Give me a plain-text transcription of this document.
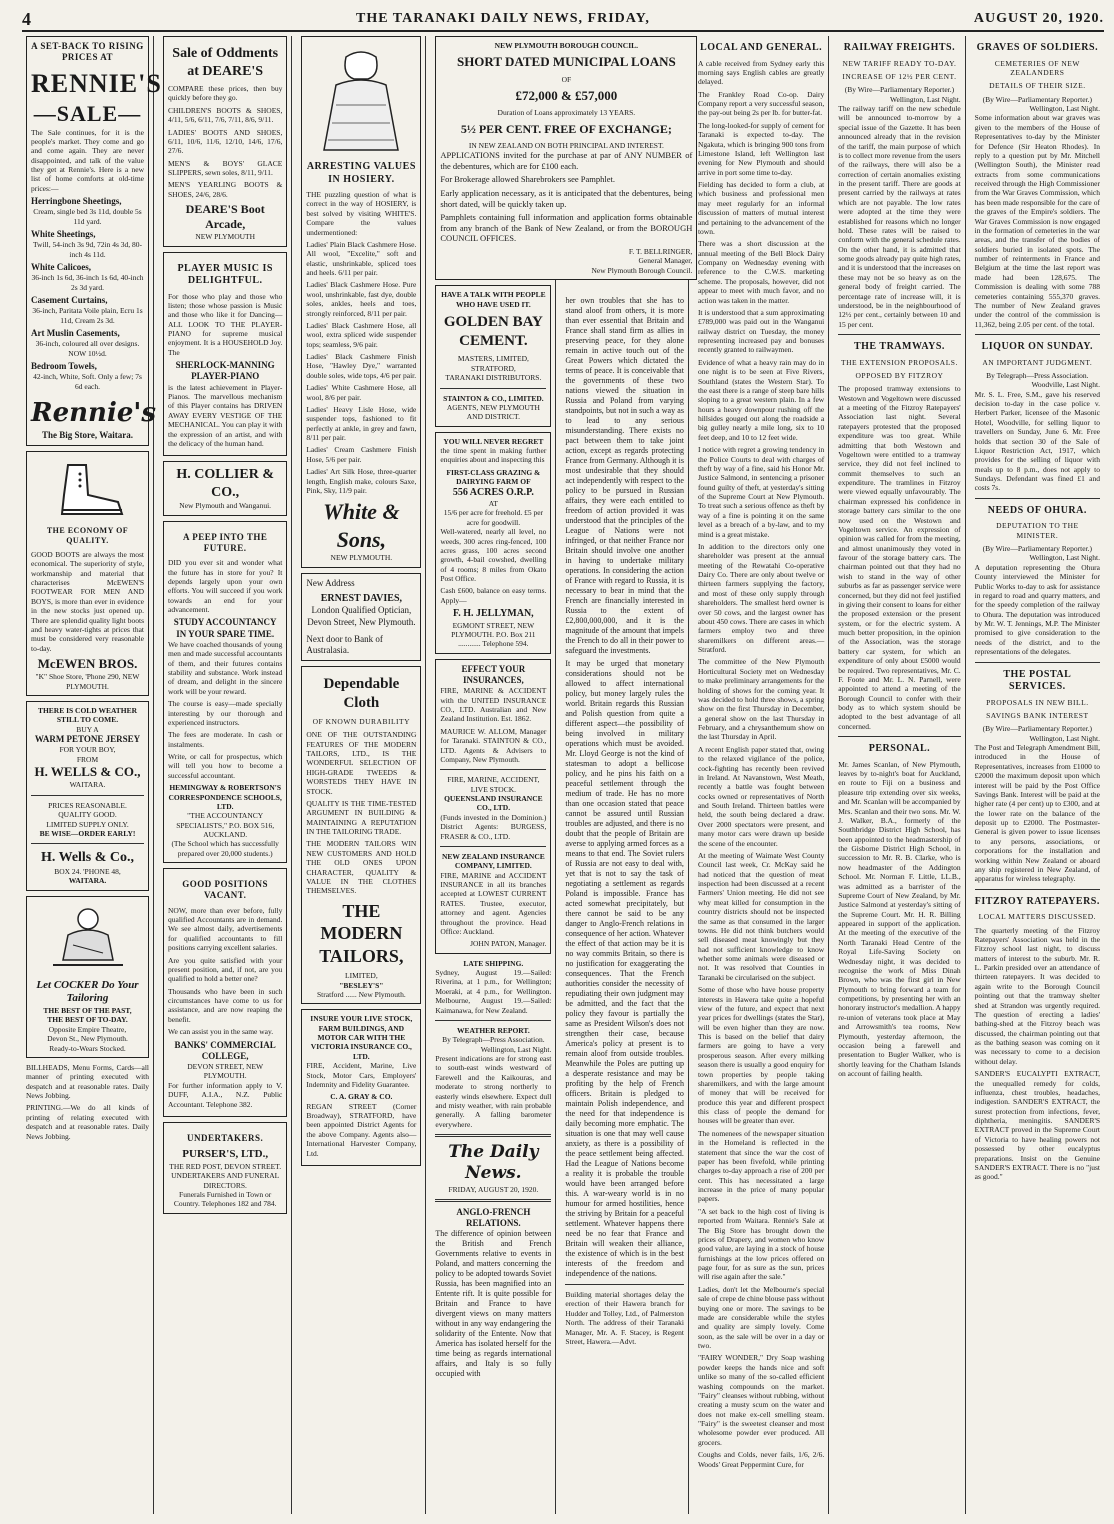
4	THE TARANAKI DAILY NEWS, FRIDAY,	AUGUST 20, 1920.
A SET-BACK TO RISING PRICES AT
RENNIE'S
—SALE—

The Sale continues, for it is the people's market. They come and go and come again. They are never disappointed, and talk of the value they get at Rennie's. Here is a new list of home comforts at old-time prices:—

Herringbone Sheetings,
Cream, single bed 3s 11d, double 5s 11d yard.
White Sheetings,
Twill, 54-inch 3s 9d, 72in 4s 3d, 80-inch 4s 11d.
White Calicoes,
36-inch 1s 6d, 36-inch 1s 6d, 40-inch 2s 3d yard.
Casement Curtains,
36-inch, Paritata Voile plain, Ecru 1s 11d, Cream 2s 3d.
Art Muslin Casements,
36-inch, coloured all over designs. NOW 10½d.
Bedroom Towels,
42-inch, White, Soft. Only a few; 7s 6d each.
Rennie's
The Big Store, Waitara.
THE ECONOMY OF QUALITY.

GOOD BOOTS are always the most economical. The superiority of style, workmanship and material that characterises McEWEN'S FOOTWEAR FOR MEN AND BOYS, is more than ever in evidence in the new stocks just opened up. There are splendid quality light boots and heavy water-tights at prices that must be considered very reasonable to-day.

McEWEN BROS.
"K" Shoe Store, 'Phone 290, NEW PLYMOUTH.
THERE IS COLD WEATHER STILL TO COME.
BUY A
WARM PETONE JERSEY
FOR YOUR BOY,
FROM
H. WELLS & CO.,
WAITARA.
PRICES REASONABLE.
QUALITY GOOD.
LIMITED SUPPLY ONLY.
BE WISE—ORDER EARLY!
H. Wells & Co.,
BOX 24. 'PHONE 48,
WAITARA.
Let COCKER Do Your Tailoring
THE BEST OF THE PAST,
THE BEST OF TO-DAY.
Opposite Empire Theatre,
Devon St., New Plymouth.
Ready-to-Wears Stocked.

BILLHEADS, Menu Forms, Cards—all manner of printing executed with despatch and at reasonable rates. Daily News Jobbing.

PRINTING.—We do all kinds of printing of relating executed with despatch and at reasonable rates. Daily News Jobbing.

Sale of Oddments at DEARE'S

COMPARE these prices, then buy quickly before they go.

CHILDREN'S BOOTS & SHOES, 4/11, 5/6, 6/11, 7/6, 7/11, 8/6, 9/11.

LADIES' BOOTS AND SHOES, 6/11, 10/6, 11/6, 12/10, 14/6, 17/6, 27/6.

MEN'S & BOYS' GLACE SLIPPERS, sewn soles, 8/11, 9/11.

MEN'S YEARLING BOOTS & SHOES, 24/6, 28/6.

DEARE'S Boot Arcade,
NEW PLYMOUTH
PLAYER MUSIC IS DELIGHTFUL.

For those who play and those who listen; those whose passion is Music and those who like it for Dancing—ALL LOOK TO THE PLAYER-PIANO for supreme musical enjoyment. It is a HOUSEHOLD Joy. The

SHERLOCK-MANNING PLAYER-PIANO

is the latest achievement in Player-Pianos. The marvellous mechanism of this Player contains has DRIVEN AWAY EVERY VESTIGE OF THE MECHANICAL. You can play it with the expression of an artist, and with the delicacy of the human hand.

H. COLLIER & CO.,
New Plymouth and Wanganui.
A PEEP INTO THE FUTURE.

DID you ever sit and wonder what the future has in store for you? It depends largely upon your own efforts. You will succeed if you work towards an end for your advancement.

STUDY ACCOUNTANCY IN YOUR SPARE TIME.

We have coached thousands of young men and made successful accountants of them, and their futures contains stability and substance. Work instead of dream, and delight in the sincere work will be your reward.

The course is easy—made specially interesting by our thorough and experienced instructors.

The fees are moderate. In cash or instalments.

Write, or call for prospectus, which will tell you how to become a successful accountant.

HEMINGWAY & ROBERTSON'S CORRESPONDENCE SCHOOLS, LTD.
"THE ACCOUNTANCY SPECIALISTS," P.O. BOX 516, AUCKLAND.
(The School which has successfully prepared over 20,000 students.)
GOOD POSITIONS VACANT.

NOW, more than ever before, fully qualified Accountants are in demand. We see almost daily, advertisements for qualified accountants to fill positions carrying excellent salaries.

Are you quite satisfied with your present position, and, if not, are you qualified to hold a better one?

Thousands who have been in such circumstances have come to us for assistance, and are now reaping the benefit.

We can assist you in the same way.

BANKS' COMMERCIAL COLLEGE,
DEVON STREET, NEW PLYMOUTH.

For further information apply to V. DUFF, A.I.A., N.Z. Public Accountant. Telephone 382.

UNDERTAKERS.
PURSER'S, LTD.,
THE RED POST, DEVON STREET.
UNDERTAKERS AND FUNERAL DIRECTORS.
Funerals Furnished in Town or Country. Telephones 182 and 784.
ARRESTING VALUES IN HOSIERY.

THE puzzling question of what is correct in the way of HOSIERY, is best solved by visiting WHITE'S. Compare the values undermentioned:

Ladies' Plain Black Cashmere Hose. All wool, "Excelite," soft and elastic, unshrinkable, spliced toes and heels. 6/11 per pair.

Ladies' Black Cashmere Hose. Pure wool, unshrinkable, fast dye, double soles, ankles, heels and toes, strongly reinforced, 8/11 per pair.

Ladies' Black Cashmere Hose, all wool, extra spliced wide suspender tops; seamless, 9/6 pair.

Ladies' Black Cashmere Finish Hose, "Hawley Dye," warranted double soles, wide tops, 4/6 per pair.

Ladies' White Cashmere Hose, all wool, 8/6 per pair.

Ladies' Heavy Lisle Hose, wide suspender tops, fashioned to fit perfectly at ankle, in grey and fawn, 8/11 per pair.

Ladies' Cream Cashmere Finish Hose, 5/6 per pair.

Ladies' Art Silk Hose, three-quarter length, English make, colours Saxe, Pink, Sky, 11/9 pair.

White & Sons,
NEW PLYMOUTH.
New Address
ERNEST DAVIES,
London Qualified Optician,
Devon Street, New Plymouth.
Next door to Bank of Australasia.
Dependable Cloth
OF KNOWN DURABILITY

ONE OF THE OUTSTANDING FEATURES OF THE MODERN TAILORS, LTD., IS THE WONDERFUL SELECTION OF HIGH-GRADE TWEEDS & WORSTEDS THEY HAVE IN STOCK.

QUALITY IS THE TIME-TESTED ARGUMENT IN BUILDING & MAINTAINING A REPUTATION IN THE TAILORING TRADE.

THE MODERN TAILORS WIN NEW CUSTOMERS AND HOLD THE OLD ONES UPON CHARACTER, QUALITY & VALUE IN THE CLOTHES THEMSELVES.

THE MODERN TAILORS,
LIMITED,
"BESLEY'S"
Stratford ...... New Plymouth.
INSURE YOUR LIVE STOCK, FARM BUILDINGS, AND MOTOR CAR WITH THE
VICTORIA INSURANCE CO., LTD.

FIRE, Accident, Marine, Live Stock, Motor Cars, Employers' Indemnity and Fidelity Guarantee.

C. A. GRAY & CO.

REGAN STREET (Corner Broadway), STRATFORD, have been appointed District Agents for the above Company. Agents also—International Harvester Company, Ltd.

NEW PLYMOUTH BOROUGH COUNCIL.
SHORT DATED MUNICIPAL LOANS
OF
£72,000 & £57,000
Duration of Loans approximately 13 YEARS.
5½ PER CENT. FREE OF EXCHANGE;
IN NEW ZEALAND ON BOTH PRINCIPAL AND INTEREST.

APPLICATIONS invited for the purchase at par of ANY NUMBER of the debentures, which are for £100 each.

For Brokerage allowed Sharebrokers see Pamphlet.

Early application necessary, as it is anticipated that the debentures, being short dated, will be quickly taken up.

Pamphlets containing full information and application forms obtainable from any branch of the Bank of New Zealand, or from the BOROUGH COUNCIL OFFICES.

F. T. BELLRINGER,
General Manager,
New Plymouth Borough Council.
HAVE A TALK WITH PEOPLE WHO HAVE USED IT.
GOLDEN BAY CEMENT.
MASTERS, LIMITED,
STRATFORD,
TARANAKI DISTRIBUTORS.
STAINTON & CO., LIMITED.
AGENTS, NEW PLYMOUTH AND DISTRICT.
YOU WILL NEVER REGRET

the time spent in making further enquiries about and inspecting this

FIRST-CLASS GRAZING & DAIRYING FARM OF
556 ACRES O.R.P.
AT
15/6 per acre for freehold. £5 per acre for goodwill.

Well-watered, nearly all level, no weeds, 300 acres ring-fenced, 100 acres grass, 100 acres second growth, 4-bail cowshed, dwelling of 4 rooms; 8 miles from Okato Post Office.

Cash £600, balance on easy terms. Apply—

F. H. JELLYMAN,
EGMONT STREET, NEW PLYMOUTH. P.O. Box 211 ............ Telephone 594.
EFFECT YOUR INSURANCES,

FIRE, MARINE & ACCIDENT with the UNITED INSURANCE CO., LTD. Australian and New Zealand Institution. Est. 1862.

MAURICE W. ALLOM, Manager for Taranaki. STAINTON & CO., LTD. Agents & Advisers to Company, New Plymouth.

FIRE, MARINE, ACCIDENT, LIVE STOCK.
QUEENSLAND INSURANCE CO., LTD.

(Funds invested in the Dominion.) District Agents: BURGESS, FRASER & CO., LTD.

NEW ZEALAND INSURANCE COMPANY, LIMITED.

FIRE, MARINE and ACCIDENT INSURANCE in all its branches accepted at LOWEST CURRENT RATES. Trustee, executor, attorney and agent. Agencies throughout the province. Head Office: Auckland.

JOHN PATON, Manager.
LATE SHIPPING.

Sydney, August 19.—Sailed: Riverina, at 1 p.m., for Wellington; Moeraki, at 4 p.m., for Wellington. Melbourne, August 19.—Sailed: Kaimanawa, for New Zealand.

WEATHER REPORT.
By Telegraph—Press Association.
Wellington, Last Night.

Present indications are for strong east to south-east winds westward of Farewell and the Kaikouras, and moderate to strong northerly to easterly winds elsewhere. Expect dull and misty weather, with rain probable generally. A falling barometer everywhere.

The Daily News.
FRIDAY, AUGUST 20, 1920.
ANGLO-FRENCH RELATIONS.

The difference of opinion between the British and French Governments relative to events in Poland, and matters concerning the policy to be adopted towards Soviet Russia, has been magnified into an Entente rift. It is quite possible for Britain and France to have divergent views on many matters without in any way endangering the solidarity of the Entente. Now that America has isolated herself for the time being as regards international affairs, and Italy is so fully occupied with

her own troubles that she has to stand aloof from others, it is more than ever essential that Britain and France shall stand firm as allies in preserving peace, for they alone remain in active touch out of the Great Powers which dictated the terms of peace. It is conceivable that the governments of these two nations viewed the situation in Russia and Poland from varying standpoints, but not in such a way as to lead to any serious misunderstanding. There exists no pact between them to take joint action, except as regards protecting France from Germany. Although it is most undesirable that they should act independently with respect to the policy to be pursued in Russian affairs, they were each entitled to freedom of action provided it was understood that the principles of the League of Nations were not infringed, or that neither France nor Britain should involve one another in having to undertake military operations. In considering the action of France with regard to Russia, it is necessary to bear in mind that the French are financially interested in Russia to the extent of £2,800,000,000, and it is the magnitude of the amount that impels the French to do all in their power to safeguard the investments.

It may be urged that monetary considerations should not be allowed to affect international policy, but money largely rules the world. Britain regards this Russian and Polish question from quite a different aspect—the possibility of being involved in military operations which must be avoided. Mr. Lloyd George is not the kind of statesman to adopt a bellicose policy, and he pins his faith on a peaceful settlement through the medium of trade. He has no more than one occasion stated that peace cannot be assured until Russian troubles are adjusted, and there is no doubt that the people of Britain are averse to applying armed forces as a means to that end. The Soviet rulers of Russia are not easy to deal with, yet that is not to say the task of negotiating a settlement as regards Poland is impossible. France has acted somewhat precipitately, but there cannot be said to be any danger to Anglo-French relations in consequence of her action. Whatever the effect of that action may be it is no way commits Britain, so there is no justification for exaggerating the consequences. That the French authorities consider the necessity of repudiating their own judgment may be admitted, and the fact that the policy they favour is partially the same as President Wilson's does not strengthen their case, because America's policy at present is to remain aloof from outside troubles. Meanwhile the Poles are putting up a desperate resistance and may be profiting by the help of French officers. Britain is pledged to maintain Polish independence, and the need for that independence is daily becoming more emphatic. The situation is one that may well cause anxiety, as there is a possibility of the peace settlement being affected. Had the League of Nations become a reality it is probable the trouble would have been arranged before this. A war-weary world is in no humour for armed hostilities, hence the striving by Britain for a peaceful settlement. Whatever happens there need be no fear that France and Britain will weaken their alliance, the existence of which is in the best interests of the freedom and independence of the nations.

Building material shortages delay the erection of their Hawera branch for Hudder and Tolley, Ltd., of Palmerston North. The address of their Taranaki Manager, Mr. A. F. Stacey, is Regent Street, Hawera.—Advt.

LOCAL AND GENERAL.

A cable received from Sydney early this morning says English cables are greatly delayed.

The Frankley Road Co-op. Dairy Company report a very successful season, the pay-out being 2s per lb. for butter-fat.

The long-looked-for supply of cement for Taranaki is expected to-day. The Ngakuta, which is bringing 900 tons from Limestone Island, left Wellington last evening for New Plymouth and should arrive in port some time to-day.

Fielding has decided to form a club, at which business and professional men may meet regularly for an informal discussion of matters of mutual interest and pertaining to the advancement of the town.

There was a short discussion at the annual meeting of the Bell Block Dairy Company on Wednesday evening with reference to the C.W.S. marketing scheme. The proposals, however, did not appear to meet with much favor, and no action was taken in the matter.

It is understood that a sum approximating £789,000 was paid out in the Wanganui railway district on Tuesday, the money representing increased pay and bonuses recently granted to railwaymen.

Evidence of what a heavy rain may do in one night is to be seen at Five Rivers, Southland (states the Western Star). To the east there is a range of steep bare hills sloping to a great western plain. In a few hours a heavy downpour rushing off the hillsides gouged out along the roadside a big gulley nearly a mile long, six to 10 feet deep, and 10 to 12 feet wide.

I notice with regret a growing tendency in the Police Courts to deal with charges of theft by way of a fine, said his Honor Mr. Justice Salmond, in sentencing a prisoner found guilty of theft, at yesterday's sitting of the Supreme Court at New Plymouth. To treat such a serious offence as theft by way of a fine is pointing it on the same level as a breach of a by-law, and to my mind is a great mistake.

In addition to the directors only one shareholder was present at the annual meeting of the Rewatahi Co-operative Dairy Co. There are only about twelve or thirteen farmers supplying the factory, and most of these only supply through shareholders. The smallest herd owner is over 50 cows, and the largest owner has about 450 cows. There are cases in which farmers employ two and three sharemilkers on different areas.—Stratford.

The committee of the New Plymouth Horticultural Society met on Wednesday to make preliminary arrangements for the holding of shows for the coming year. It was decided to hold three shows, a spring show on the first Thursday in December, a general show on the last Thursday in February, and a chrysanthemum show on the last Thursday in April.

A recent English paper stated that, owing to the relaxed vigilance of the police, cock-fighting has recently been revived in Ireland. At Navanstown, West Meath, recently a battle was fought between cocks owned or representatives of North and South Ireland. Thirteen battles were held, the south being declared a draw. Over 2000 spectators were present, and many motor cars were drawn up beside the scene of the encounter.

At the meeting of Waimate West County Council last week, Cr. McKay said he had noticed that the question of meat inspection had been discussed at a recent Farmers' Union meeting. He did not see why meat killed for consumption in the country districts should not be inspected the same as that consumed in the larger towns. He did not think butchers would sell diseased meat knowingly but they had not sufficient knowledge to know whether some animals were diseased or not. It was resolved that Counties in Taranaki be circularised on the subject.

Some of those who have house property interests in Hawera take quite a hopeful view of the future, and expect that next year prices for dwellings (states the Star), will be even higher than they are now. This is based on the belief that dairy farmers are going to have a very prosperous season. After every milking season there is usually a good enquiry for town properties by people taking sharemilkers, and with the large amount of money that will be received for produce this year and different prospect this class of people the demand for houses will be greater than ever.

The nomenees of the newspaper situation in the Homeland is reflected in the statement that since the war the cost of paper has been fivefold, while printing charges to-day approach a rise of 200 per cent. This has necessitated a large increase in the price of many popular papers.

"A set back to the high cost of living is reported from Waitara. Rennie's Sale at The Big Store has brought down the prices of Drapery, and women who know good value, are laying in a stock of house furnishings at the low prices offered on page four, for as sure as the sun, prices will rise again after the sale."

Ladies, don't let the Melbourne's special sale of crepe de chine blouse pass without buying one or more. The savings to be made are considerable while the styles and quality are simply lovely. Come soon, as the sale will be over in a day or two.

"FAIRY WONDER," Dry Soap washing powder keeps the hands nice and soft unlike so many of the so-called efficient washing compounds on the market. "Fairy" cleanses without rubbing, without creating a musty scum on the water and does not make ex-cell smelling steam. "Fairy" is the sweetest cleanser and most wholesome powder ever produced. All grocers.

Coughs and Colds, never fails, 1/6, 2/6. Woods' Great Peppermint Cure, for

RAILWAY FREIGHTS.
NEW TARIFF READY TO-DAY.
INCREASE OF 12½ PER CENT.
(By Wire—Parliamentary Reporter.)
Wellington, Last Night.

The railway tariff on the new schedule will be announced to-morrow by a special issue of the Gazette. It has been announced already that in the revision of the tariff, the main purpose of which is to collect more revenue from the users of the railways, there will also be a correction of certain anomalies existing in the present tariff. There are goods at present carried by the railways at rates which are not payable. The low rates were adopted at the time they were established for reasons which no longer hold. These rates will be raised to conform with the general schedule rates. On the other hand, it is admitted that some goods already pay quite high rates, and it is understood that the increases on these may not be so heavy as on the general body of freight carried. The percentage rate of increase will, it is understood, be in the neighbourhood of 12½ per cent., certainly between 10 and 15 per cent.

THE TRAMWAYS.
THE EXTENSION PROPOSALS.
OPPOSED BY FITZROY

The proposed tramway extensions to Westown and Vogeltown were discussed at a meeting of the Fitzroy Ratepayers' Association last night. Several ratepayers protested that the proposed expenditure was too great. While admitting that both Westown and Vogeltown were entitled to a tramway service, they did not feel inclined to commit themselves to such an expenditure. The tramlines in Fitzroy were viewed equally unfavourably. The chairman expressed his confidence in storage battery cars similar to the one now used on the Westown and Vogeltown service. An expression of opinion was called for from the meeting, and almost unanimously they voted in favour of the storage battery cars. The chairman pointed out that they had no wish to stand in the way of other suburbs as far as passenger service were concerned, but they did not feel justified in giving their consent to loans for either the proposed extension or the present system, or for the electric system. A much better proposition, in the opinion of the Association, was the storage battery car system, for which an expenditure of only about £5000 would be required. Two representatives, Mr. C. F. Foote and Mr. L. N. Parnell, were appointed to attend a meeting of the Borough Council to confer with their body as to which system should be adopted to the best advantage of all concerned.

PERSONAL.

Mr. James Scanlan, of New Plymouth, leaves by to-night's boat for Auckland, en route to Fiji on a business and pleasure trip extending over six weeks, and Mr. Scanlan will be accompanied by Mrs. Scanlan and their two sons. Mr. W. J. Walker, B.A., formerly of the Southbridge District High School, has been appointed to the headmastership of the Gisborne District High School, in succession to Mr. R. B. Clarke, who is now headmaster of the Addington School. Mr. Norman F. Little, LL.B., was admitted as a barrister of the Supreme Court of New Zealand, by Mr. Justice Salmond at yesterday's sitting of the Supreme Court. Mr. H. R. Billing appeared in support of the application. At the meeting of the executive of the North Taranaki Head Centre of the Royal Life-Saving Society on Wednesday night, it was decided to recognise the work of Miss Dinah Brown, who was the first girl in New Plymouth to bring forward a team for competitions, by presenting her with an honorary instructor's medallion. A happy re-union of veterans took place at May and Arrowsmith's tea rooms, New Plymouth, yesterday afternoon, the occasion being a farewell and presentation to Bugler Walker, who is shortly leaving for the Chatham Islands on account of failing health.

GRAVES OF SOLDIERS.
CEMETERIES OF NEW ZEALANDERS
DETAILS OF THEIR SIZE.
(By Wire—Parliamentary Reporter.)
Wellington, Last Night.

Some information about war graves was given to the members of the House of Representatives to-day by the Minister for Defence (Sir Heaton Rhodes). In reply to a question put by Mr. Mitchell (Wellington South), the Minister read extracts from some communications received through the High Commissioner from the War Graves Commission, which has been made responsible for the care of the graves of the Empire's soldiers. The War Graves Commission is now engaged in the formation of cemeteries in the war areas, and the transfer of the bodies of soldiers buried in isolated spots. The number of reinterments in France and Belgium at the time the last report was made had been 128,675. The Commission is dealing with some 788 cemeteries containing 555,370 graves. The number of New Zealand graves under the control of the commission is 11,362, being 2.05 per cent. of the total.

LIQUOR ON SUNDAY.
AN IMPORTANT JUDGMENT.
By Telegraph—Press Association.
Woodville, Last Night.

Mr. S. L. Free, S.M., gave his reserved decision to-day in the case police v. Herbert Parker, licensee of the Masonic Hotel, Woodville, for selling liquor to travellers on Sunday, June 6. Mr. Free holds that section 30 of the Sale of Liquor Restriction Act, 1917, which provides for the selling of liquor with meals up to 8 p.m., does not apply to Sundays. Defendant was fined £1 and costs 7s.

NEEDS OF OHURA.
DEPUTATION TO THE MINISTER.
(By Wire—Parliamentary Reporter.)
Wellington, Last Night.

A deputation representing the Ohura County interviewed the Minister for Public Works to-day to ask for assistance in regard to road and quarry matters, and for the speedy completion of the railway to Ohura. The deputation was introduced by Mr. W. T. Jennings, M.P. The Minister promised to give consideration to the needs of the district, and to the representations of the delegates.

THE POSTAL SERVICES.
PROPOSALS IN NEW BILL.
SAVINGS BANK INTEREST
(By Wire—Parliamentary Reporter.)
Wellington, Last Night.

The Post and Telegraph Amendment Bill, introduced in the House of Representatives, increases from £1000 to £2000 the maximum deposit upon which interest will be paid by the Post Office Savings Bank. Interest will be paid at the higher rate (4 per cent) up to £300, and at the lower rate on the balance of the deposit up to £2000. The Postmaster-General is given power to issue licenses to any persons, associations, or corporations for the installation and working within New Zealand or aboard any ship registered in New Zealand, of apparatus for wireless telegraphy.

FITZROY RATEPAYERS.
LOCAL MATTERS DISCUSSED.

The quarterly meeting of the Fitzroy Ratepayers' Association was held in the Fitzroy school last night, to discuss matters of interest to the suburb. Mr. R. L. Parkin presided over an attendance of thirteen ratepayers. It was decided to again write to the Borough Council pointing out that the tramway shelter shed at Strandon was urgently required. The question of erecting a ladies' bathing-shed at the Fitzroy beach was discussed, the chairman pointing out that as the bathing season was coming on it was necessary to come to a decision without delay.

SANDER'S EUCALYPTI EXTRACT, the unequalled remedy for colds, influenza, chest troubles, headaches, indigestion. SANDER'S EXTRACT, the surest protection from infections, fever, diphtheria, meningitis. SANDER'S EXTRACT proved in the Supreme Court of Victoria to have healing powers not possessed by other eucalyptus preparations. Insist on the Genuine SANDER'S EXTRACT. There is no "just as good."
